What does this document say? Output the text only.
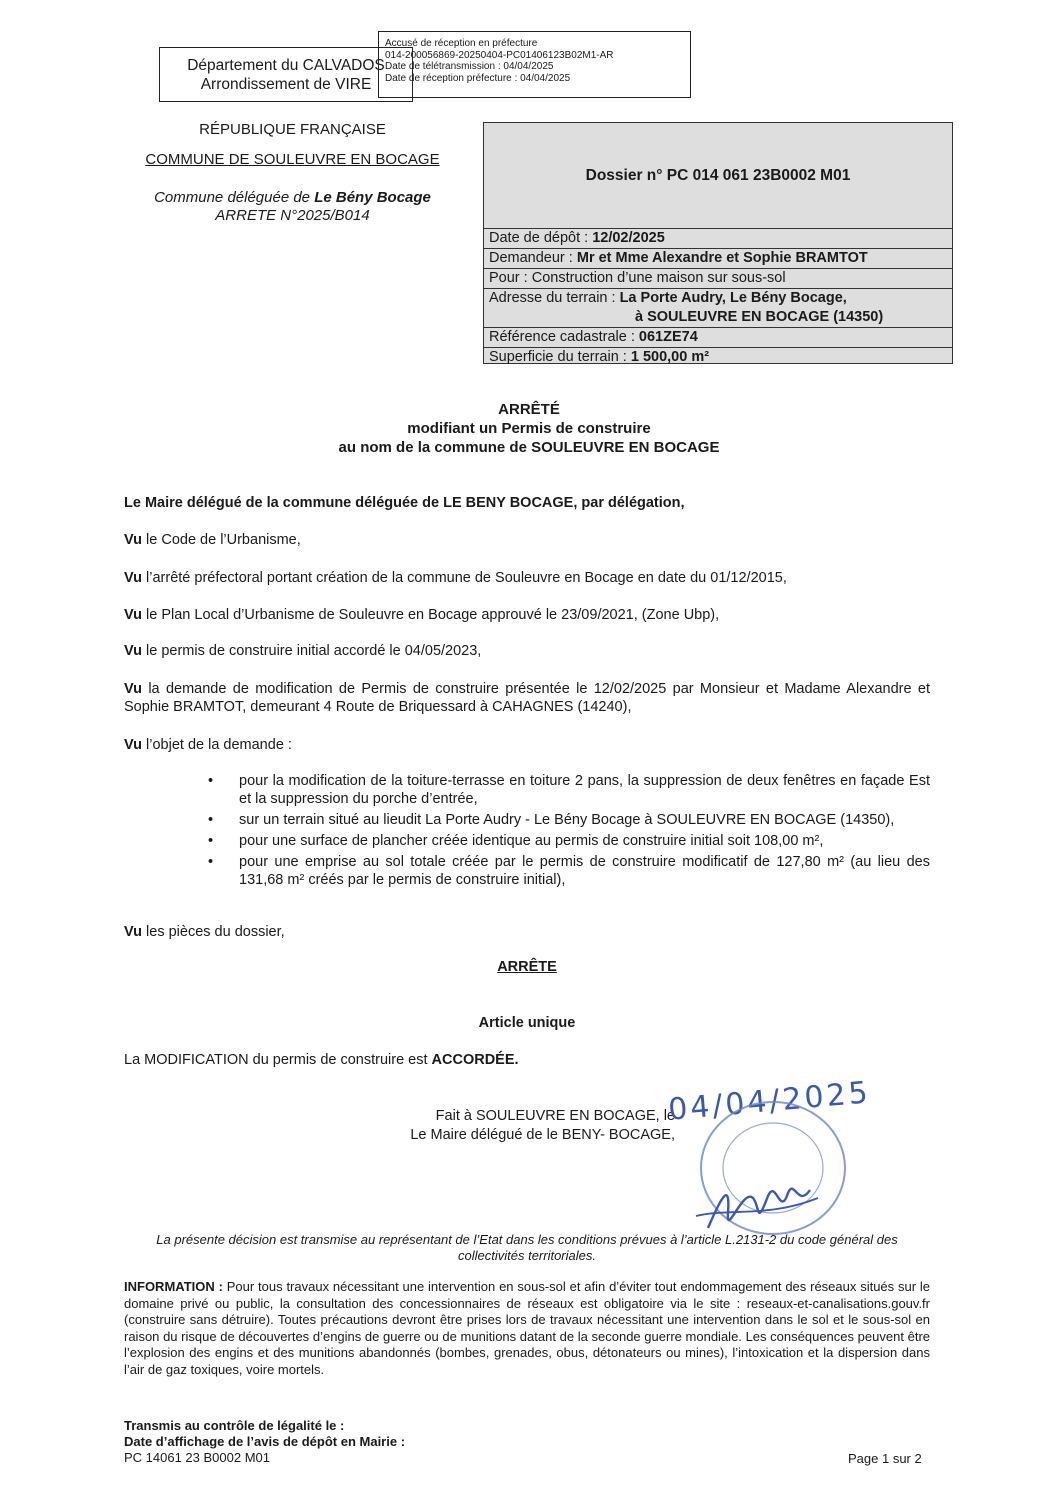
Département du CALVADOS
Arrondissement de VIRE
Accusé de réception en préfecture
014-200056869-20250404-PC01406123B02M1-AR
Date de télétransmission : 04/04/2025
Date de réception préfecture : 04/04/2025
RÉPUBLIQUE FRANÇAISE
COMMUNE DE SOULEUVRE EN BOCAGE
Commune déléguée de Le Bény Bocage
ARRETE N°2025/B014
Dossier n° PC 014 061 23B0002 M01
Date de dépôt : 12/02/2025
Demandeur : Mr et Mme Alexandre et Sophie BRAMTOT
Pour : Construction d’une maison sur sous-sol
Adresse du terrain : La Porte Audry, Le Bény Bocage,
à SOULEUVRE EN BOCAGE (14350)
Référence cadastrale : 061ZE74
Superficie du terrain : 1 500,00 m²
ARRÊTÉ
modifiant un Permis de construire
au nom de la commune de SOULEUVRE EN BOCAGE
Le Maire délégué de la commune déléguée de LE BENY BOCAGE, par délégation,
Vu le Code de l’Urbanisme,
Vu l’arrêté préfectoral portant création de la commune de Souleuvre en Bocage en date du 01/12/2015,
Vu le Plan Local d’Urbanisme de Souleuvre en Bocage approuvé le 23/09/2021, (Zone Ubp),
Vu le permis de construire initial accordé le 04/05/2023,
Vu la demande de modification de Permis de construire présentée le 12/02/2025 par Monsieur et Madame Alexandre et Sophie BRAMTOT, demeurant 4 Route de Briquessard à CAHAGNES (14240),
Vu l’objet de la demande :
• pour la modification de la toiture-terrasse en toiture 2 pans, la suppression de deux fenêtres en façade Est et la suppression du porche d’entrée,
• sur un terrain situé au lieudit La Porte Audry - Le Bény Bocage à SOULEUVRE EN BOCAGE (14350),
• pour une surface de plancher créée identique au permis de construire initial soit 108,00 m²,
• pour une emprise au sol totale créée par le permis de construire modificatif de 127,80 m² (au lieu des 131,68 m² créés par le permis de construire initial),
Vu les pièces du dossier,
ARRÊTE
Article unique
La MODIFICATION du permis de construire est ACCORDÉE.
Fait à SOULEUVRE EN BOCAGE, le
Le Maire délégué de le BENY- BOCAGE,
04/04/2025
La présente décision est transmise au représentant de l’Etat dans les conditions prévues à l’article L.2131-2 du code général des collectivités territoriales.
INFORMATION : Pour tous travaux nécessitant une intervention en sous-sol et afin d’éviter tout endommagement des réseaux situés sur le domaine privé ou public, la consultation des concessionnaires de réseaux est obligatoire via le site : reseaux-et-canalisations.gouv.fr (construire sans détruire). Toutes précautions devront être prises lors de travaux nécessitant une intervention dans le sol et le sous-sol en raison du risque de découvertes d’engins de guerre ou de munitions datant de la seconde guerre mondiale. Les conséquences peuvent être l’explosion des engins et des munitions abandonnés (bombes, grenades, obus, détonateurs ou mines), l’intoxication et la dispersion dans l’air de gaz toxiques, voire mortels.
Transmis au contrôle de légalité le :
Date d’affichage de l’avis de dépôt en Mairie :
PC 14061 23 B0002 M01	Page 1 sur 2
